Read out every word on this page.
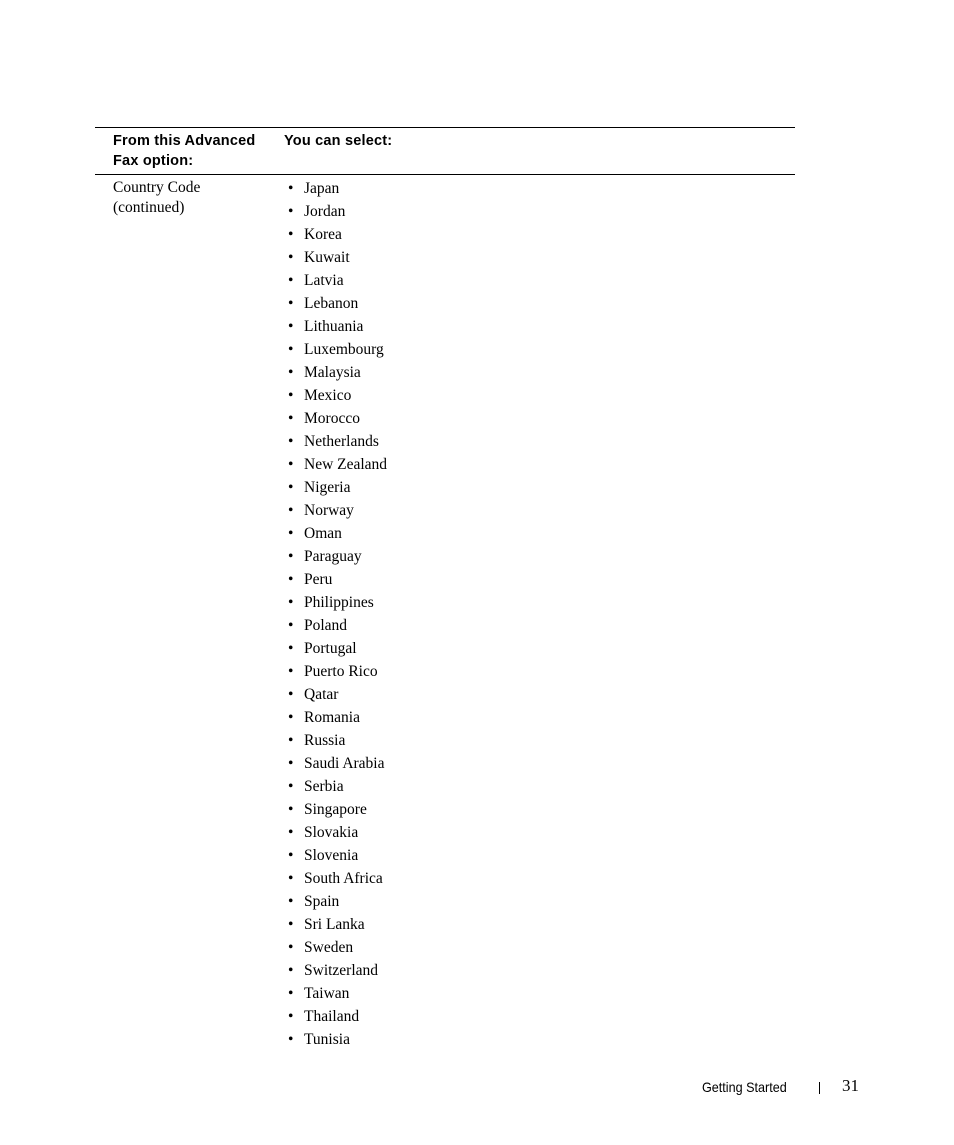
From this Advanced Fax option:
You can select:
Country Code (continued)
• Japan
• Jordan
• Korea
• Kuwait
• Latvia
• Lebanon
• Lithuania
• Luxembourg
• Malaysia
• Mexico
• Morocco
• Netherlands
• New Zealand
• Nigeria
• Norway
• Oman
• Paraguay
• Peru
• Philippines
• Poland
• Portugal
• Puerto Rico
• Qatar
• Romania
• Russia
• Saudi Arabia
• Serbia
• Singapore
• Slovakia
• Slovenia
• South Africa
• Spain
• Sri Lanka
• Sweden
• Switzerland
• Taiwan
• Thailand
• Tunisia
Getting Started	31
